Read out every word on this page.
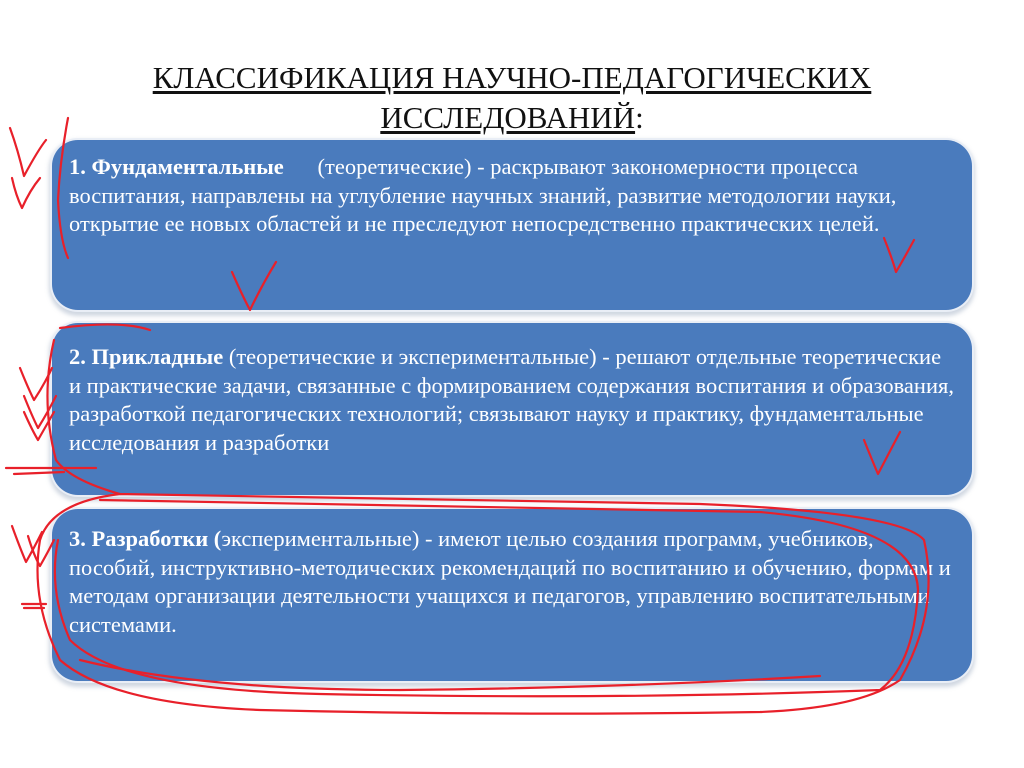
КЛАССИФИКАЦИЯ НАУЧНО-ПЕДАГОГИЧЕСКИХ
ИССЛЕДОВАНИЙ:
1. Фундаментальные (теоретические) - раскрывают закономерности процесса воспитания, направлены на углубление научных знаний, развитие методологии науки, открытие ее новых областей и не преследуют непосредственно практических целей.
2. Прикладные (теоретические и экспериментальные) - решают отдельные теоретические и практические задачи, связанные с формированием содержания воспитания и образования, разработкой педагогических технологий; связывают науку и практику, фундаментальные исследования и разработки
3. Разработки (экспериментальные) - имеют целью создания программ, учебников, пособий, инструктивно-методических рекомендаций по воспитанию и обучению, формам и методам организации деятельности учащихся и педагогов, управлению воспитательными системами.
